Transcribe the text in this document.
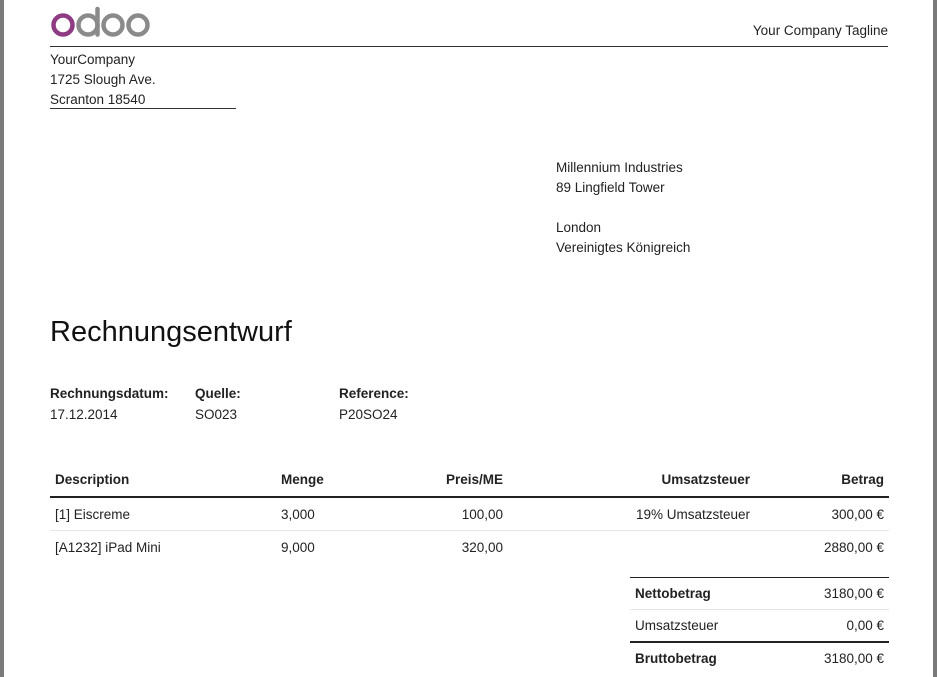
Your Company Tagline
YourCompany
1725 Slough Ave.
Scranton 18540
Millennium Industries
89 Lingfield Tower
London
Vereinigtes Königreich
Rechnungsentwurf
Rechnungsdatum:
17.12.2014
Quelle:
SO023
Reference:
P20SO24
Description	Menge	Preis/ME	Umsatzsteuer	Betrag
[1] Eiscreme	3,000	100,00	19% Umsatzsteuer	300,00 €
[A1232] iPad Mini	9,000	320,00		2880,00 €
Nettobetrag	3180,00 €
Umsatzsteuer	0,00 €
Bruttobetrag	3180,00 €
